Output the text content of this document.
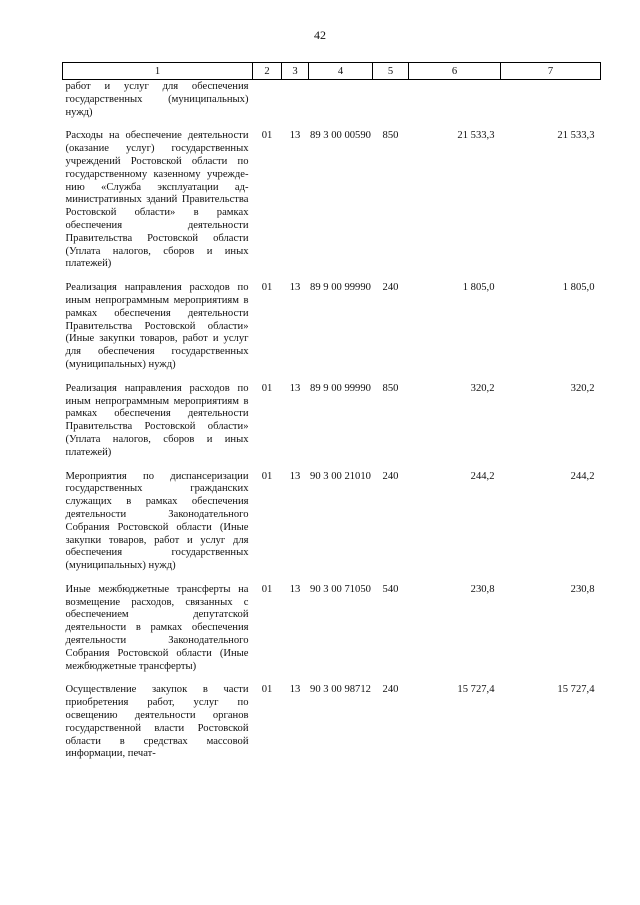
42
1	2	3	4	5	6	7

работ и услуг для обеспечения государственных (муниципальных) нужд)						

Расходы на обеспечение деятельности (оказание услуг) государственных учреждений Ростовской области по государственному казенному учреждению «Служба эксплуатации административных зданий Правительства Ростовской области» в рамках обеспечения деятельности Правительства Ростовской области (Уплата налогов, сборов и иных платежей)	01	13	89 3 00 00590	850	21 533,3	21 533,3

Реализация направления расходов по иным непрограммным мероприятиям в рамках обеспечения деятельности Правительства Ростовской области» (Иные закупки товаров, работ и услуг для обеспечения государственных (муниципальных) нужд)	01	13	89 9 00 99990	240	1 805,0	1 805,0

Реализация направления расходов по иным непрограммным мероприятиям в рамках обеспечения деятельности Правительства Ростовской области» (Уплата налогов, сборов и иных платежей)	01	13	89 9 00 99990	850	320,2	320,2

Мероприятия по диспансеризaции государственных гражданских служащих в рамках обеспечения деятельности Законодательного Собрания Ростовской области (Иные закупки товаров, работ и услуг для обеспечения государственных (муниципальных) нужд)	01	13	90 3 00 21010	240	244,2	244,2

Иные межбюджетные трансферты на возмещение расходов, связанных с обеспечением депутатской деятельности в рамках обеспечения деятельности Законодательного Собрания Ростовской области (Иные межбюджетные трансферты)	01	13	90 3 00 71050	540	230,8	230,8

Осуществление закупок в части приобретения работ, услуг по освещению деятельности органов государственной власти Ростовской области в средствах массовой информации, печат-	01	13	90 3 00 98712	240	15 727,4	15 727,4
